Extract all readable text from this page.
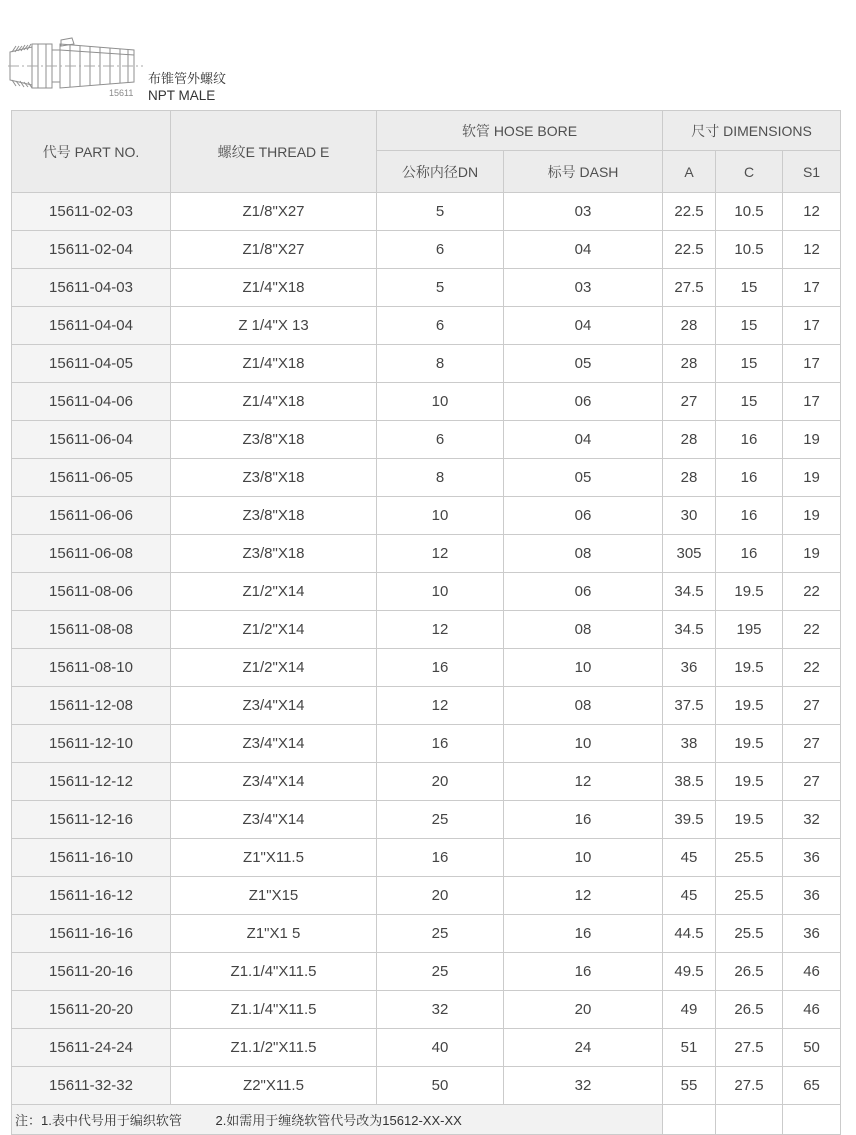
15611
布锥管外螺纹
NPT MALE
代号 PART NO.	螺纹E THREAD E	软管 HOSE BORE		尺寸 DIMENSIONS		
		公称内径DN	标号 DASH	A	C	S1
15611-02-03	Z1/8"X27	5	03	22.5	10.5	12
15611-02-04	Z1/8"X27	6	04	22.5	10.5	12
15611-04-03	Z1/4"X18	5	03	27.5	15	17
15611-04-04	Z 1/4"X 13	6	04	28	15	17
15611-04-05	Z1/4"X18	8	05	28	15	17
15611-04-06	Z1/4"X18	10	06	27	15	17
15611-06-04	Z3/8"X18	6	04	28	16	19
15611-06-05	Z3/8"X18	8	05	28	16	19
15611-06-06	Z3/8"X18	10	06	30	16	19
15611-06-08	Z3/8"X18	12	08	305	16	19
15611-08-06	Z1/2"X14	10	06	34.5	19.5	22
15611-08-08	Z1/2"X14	12	08	34.5	195	22
15611-08-10	Z1/2"X14	16	10	36	19.5	22
15611-12-08	Z3/4"X14	12	08	37.5	19.5	27
15611-12-10	Z3/4"X14	16	10	38	19.5	27
15611-12-12	Z3/4"X14	20	12	38.5	19.5	27
15611-12-16	Z3/4"X14	25	16	39.5	19.5	32
15611-16-10	Z1"X11.5	16	10	45	25.5	36
15611-16-12	Z1"X15	20	12	45	25.5	36
15611-16-16	Z1"X1 5	25	16	44.5	25.5	36
15611-20-16	Z1.1/4"X11.5	25	16	49.5	26.5	46
15611-20-20	Z1.1/4"X11.5	32	20	49	26.5	46
15611-24-24	Z1.1/2"X11.5	40	24	51	27.5	50
15611-32-32	Z2"X11.5	50	32	55	27.5	65
注：1.表中代号用于编织软管 2.如需用于缠绕软管代号改为15612-XX-XX						
